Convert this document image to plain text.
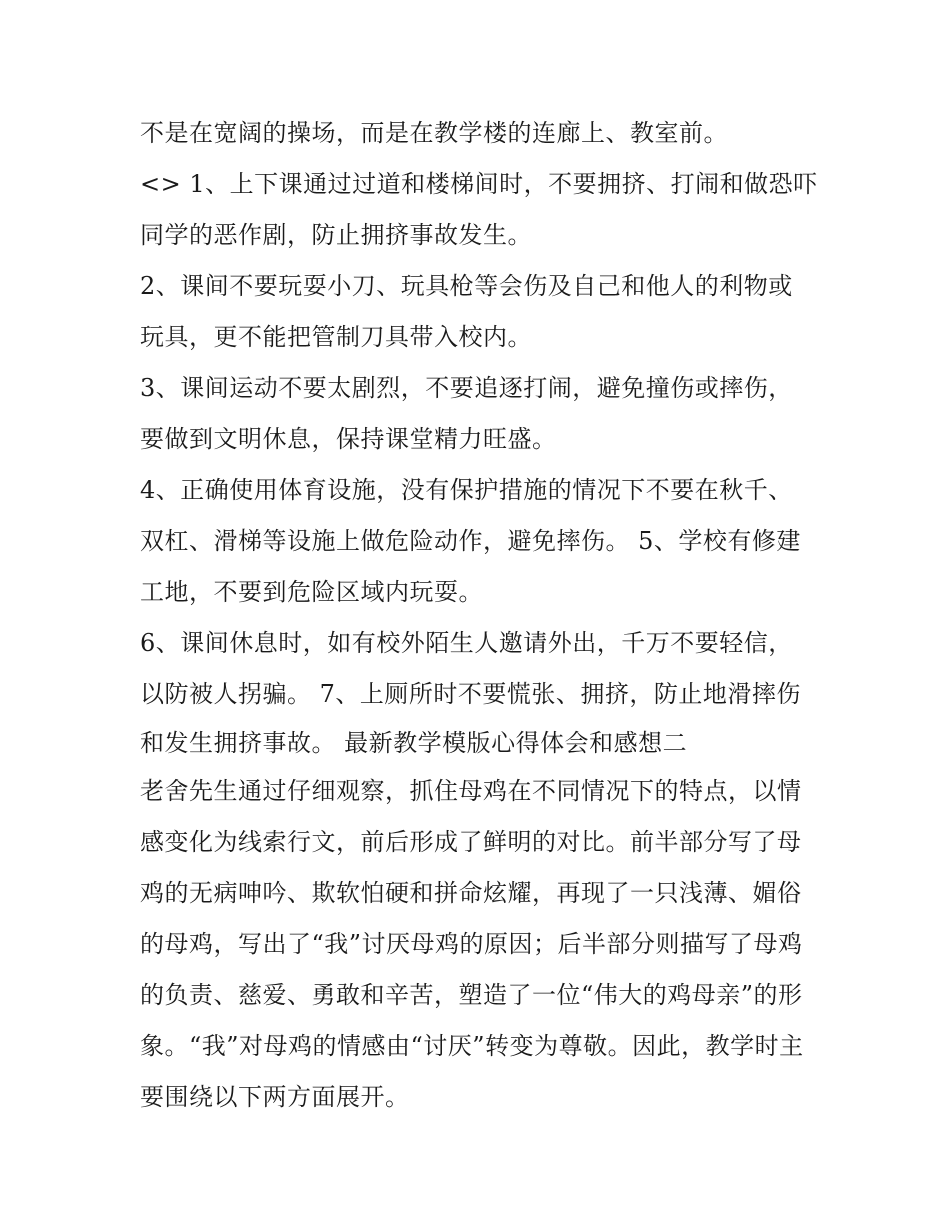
不是在宽阔的操场，而是在教学楼的连廊上、教室前。
<> 1、上下课通过过道和楼梯间时，不要拥挤、打闹和做恐吓
同学的恶作剧，防止拥挤事故发生。
2、课间不要玩耍小刀、玩具枪等会伤及自己和他人的利物或
玩具，更不能把管制刀具带入校内。
3、课间运动不要太剧烈，不要追逐打闹，避免撞伤或摔伤，
要做到文明休息，保持课堂精力旺盛。
4、正确使用体育设施，没有保护措施的情况下不要在秋千、
双杠、滑梯等设施上做危险动作，避免摔伤。 5、学校有修建
工地，不要到危险区域内玩耍。
6、课间休息时，如有校外陌生人邀请外出，千万不要轻信，
以防被人拐骗。 7、上厕所时不要慌张、拥挤，防止地滑摔伤
和发生拥挤事故。 最新教学模版心得体会和感想二
老舍先生通过仔细观察，抓住母鸡在不同情况下的特点，以情
感变化为线索行文，前后形成了鲜明的对比。前半部分写了母
鸡的无病呻吟、欺软怕硬和拼命炫耀，再现了一只浅薄、媚俗
的母鸡，写出了“我”讨厌母鸡的原因；后半部分则描写了母鸡
的负责、慈爱、勇敢和辛苦，塑造了一位“伟大的鸡母亲”的形
象。“我”对母鸡的情感由“讨厌”转变为尊敬。因此，教学时主
要围绕以下两方面展开。
